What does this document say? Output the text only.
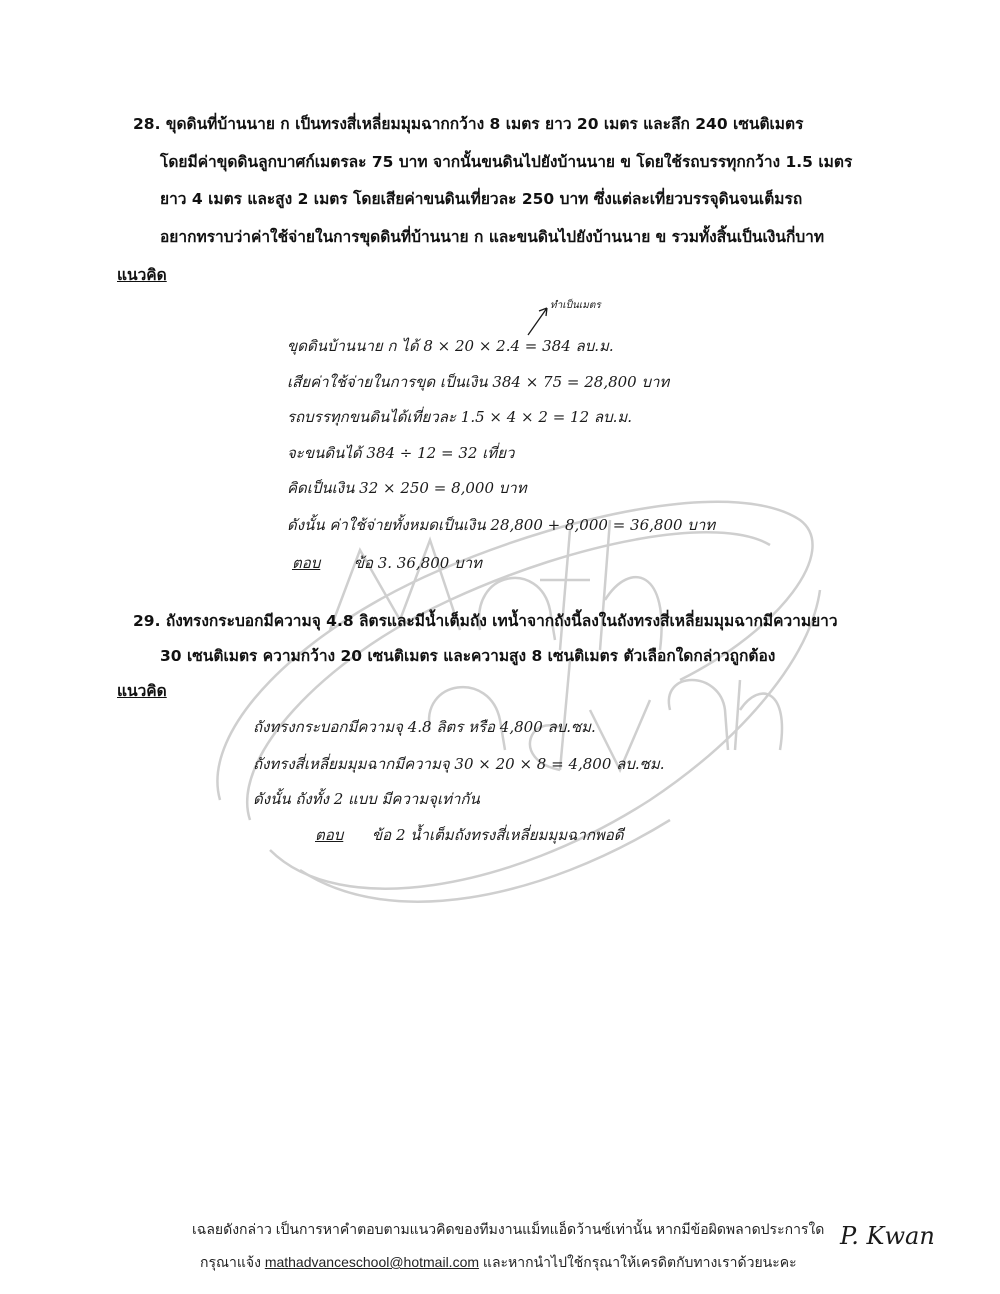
28. ขุดดินที่บ้านนาย ก เป็นทรงสี่เหลี่ยมมุมฉากกว้าง 8 เมตร ยาว 20 เมตร และลึก 240 เซนติเมตร
โดยมีค่าขุดดินลูกบาศก์เมตรละ 75 บาท จากนั้นขนดินไปยังบ้านนาย ข โดยใช้รถบรรทุกกว้าง 1.5 เมตร
ยาว 4 เมตร และสูง 2 เมตร โดยเสียค่าขนดินเที่ยวละ 250 บาท ซึ่งแต่ละเที่ยวบรรจุดินจนเต็มรถ
อยากทราบว่าค่าใช้จ่ายในการขุดดินที่บ้านนาย ก และขนดินไปยังบ้านนาย ข รวมทั้งสิ้นเป็นเงินกี่บาท
แนวคิด
ทำเป็นเมตร
ขุดดินบ้านนาย ก ได้ 8 × 20 × 2.4 = 384 ลบ.ม.
เสียค่าใช้จ่ายในการขุด เป็นเงิน 384 × 75 = 28,800 บาท
รถบรรทุกขนดินได้เที่ยวละ 1.5 × 4 × 2 = 12 ลบ.ม.
จะขนดินได้ 384 ÷ 12 = 32 เที่ยว
คิดเป็นเงิน 32 × 250 = 8,000 บาท
ดังนั้น ค่าใช้จ่ายทั้งหมดเป็นเงิน 28,800 + 8,000 = 36,800 บาท
ตอบ ข้อ 3. 36,800 บาท
29. ถังทรงกระบอกมีความจุ 4.8 ลิตรและมีน้ำเต็มถัง เทน้ำจากถังนี้ลงในถังทรงสี่เหลี่ยมมุมฉากมีความยาว
30 เซนติเมตร ความกว้าง 20 เซนติเมตร และความสูง 8 เซนติเมตร ตัวเลือกใดกล่าวถูกต้อง
แนวคิด
ถังทรงกระบอกมีความจุ 4.8 ลิตร หรือ 4,800 ลบ.ซม.
ถังทรงสี่เหลี่ยมมุมฉากมีความจุ 30 × 20 × 8 = 4,800 ลบ.ซม.
ดังนั้น ถังทั้ง 2 แบบ มีความจุเท่ากัน
ตอบ ข้อ 2 น้ำเต็มถังทรงสี่เหลี่ยมมุมฉากพอดี
เฉลยดังกล่าว เป็นการหาคำตอบตามแนวคิดของทีมงานแม็ทแอ็ดว้านซ์เท่านั้น หากมีข้อผิดพลาดประการใด
กรุณาแจ้ง mathadvanceschool@hotmail.com และหากนำไปใช้กรุณาให้เครดิตกับทางเราด้วยนะคะ
P. Kwan
